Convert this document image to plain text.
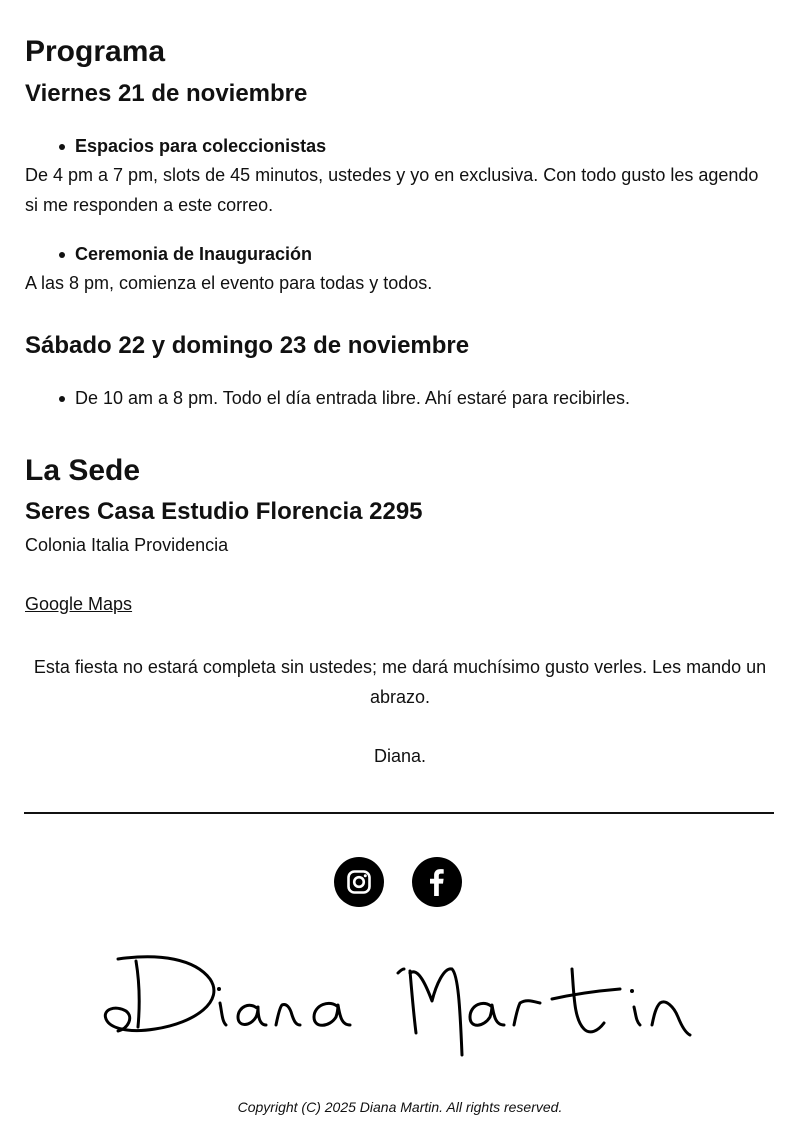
Programa
Viernes 21 de noviembre
Espacios para coleccionistas
De 4 pm a 7 pm, slots de 45 minutos, ustedes y yo en exclusiva. Con todo gusto les agendo si me responden a este correo.
Ceremonia de Inauguración
A las 8 pm, comienza el evento para todas y todos.
Sábado 22 y domingo 23 de noviembre
De 10 am a 8 pm. Todo el día entrada libre. Ahí estaré para recibirles.
La Sede
Seres Casa Estudio Florencia 2295
Colonia Italia Providencia
Google Maps
Esta fiesta no estará completa sin ustedes; me dará muchísimo gusto verles. Les mando un abrazo.
Diana.
Copyright (C) 2025 Diana Martin. All rights reserved.
